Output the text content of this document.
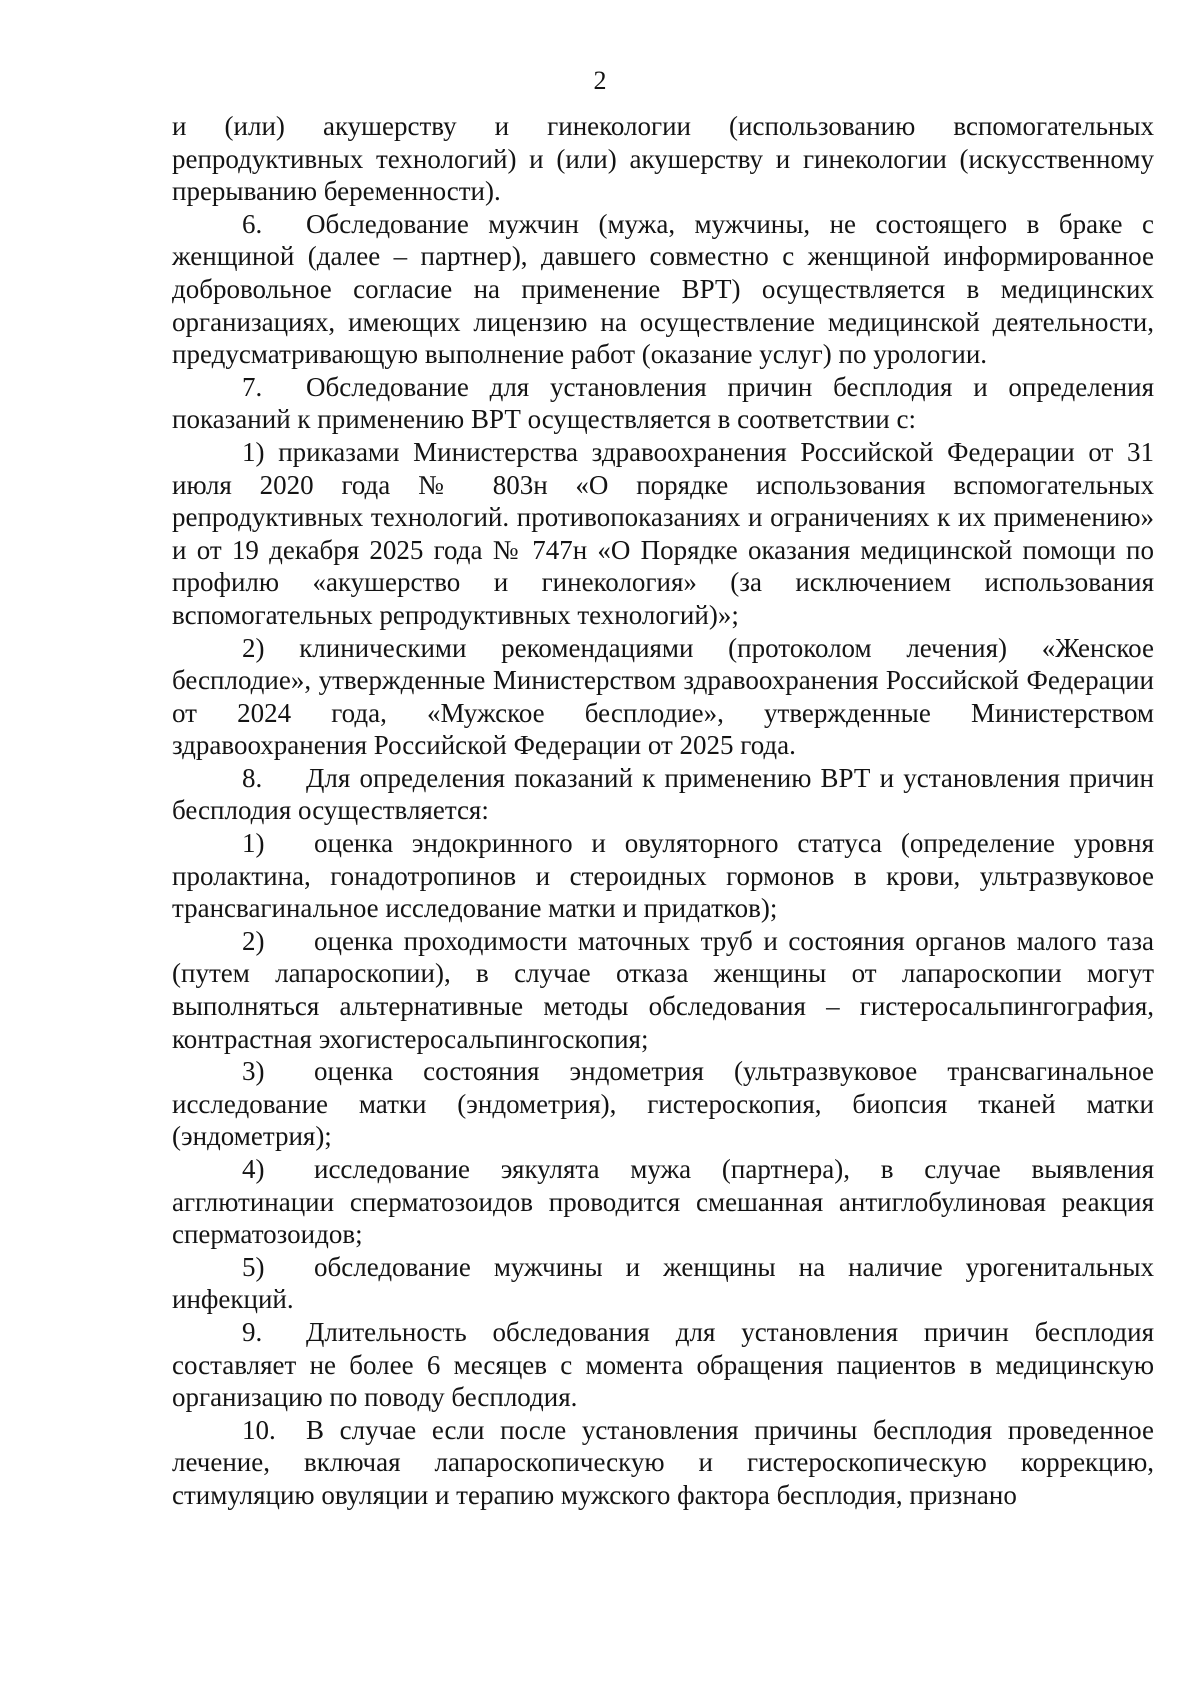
2

и (или) акушерству и гинекологии (использованию вспомогательных репродуктивных технологий) и (или) акушерству и гинекологии (искусственному прерыванию беременности).

6. Обследование мужчин (мужа, мужчины, не состоящего в браке с женщиной (далее – партнер), давшего совместно с женщиной информированное добровольное согласие на применение ВРТ) осуществляется в медицинских организациях, имеющих лицензию на осуществление медицинской деятельности, предусматривающую выполнение работ (оказание услуг) по урологии.

7. Обследование для установления причин бесплодия и определения показаний к применению ВРТ осуществляется в соответствии с:

1) приказами Министерства здравоохранения Российской Федерации от 31 июля 2020 года № 803н «О порядке использования вспомогательных репродуктивных технологий. противопоказаниях и ограничениях к их применению» и от 19 декабря 2025 года № 747н «О Порядке оказания медицинской помощи по профилю «акушерство и гинекология» (за исключением использования вспомогательных репродуктивных технологий)»;

2) клиническими рекомендациями (протоколом лечения) «Женское бесплодие», утвержденные Министерством здравоохранения Российской Федерации от 2024 года, «Мужское бесплодие», утвержденные Министерством здравоохранения Российской Федерации от 2025 года.

8. Для определения показаний к применению ВРТ и установления причин бесплодия осуществляется:

1) оценка эндокринного и овуляторного статуса (определение уровня пролактина, гонадотропинов и стероидных гормонов в крови, ультразвуковое трансвагинальное исследование матки и придатков);

2) оценка проходимости маточных труб и состояния органов малого таза (путем лапароскопии), в случае отказа женщины от лапароскопии могут выполняться альтернативные методы обследования – гистеросальпингография, контрастная эхогистеросальпингоскопия;

3) оценка состояния эндометрия (ультразвуковое трансвагинальное исследование матки (эндометрия), гистероскопия, биопсия тканей матки (эндометрия);

4) исследование эякулята мужа (партнера), в случае выявления агглютинации сперматозоидов проводится смешанная антиглобулиновая реакция сперматозоидов;

5) обследование мужчины и женщины на наличие урогенитальных инфекций.

9. Длительность обследования для установления причин бесплодия составляет не более 6 месяцев с момента обращения пациентов в медицинскую организацию по поводу бесплодия.

10. В случае если после установления причины бесплодия проведенное лечение, включая лапароскопическую и гистероскопическую коррекцию, стимуляцию овуляции и терапию мужского фактора бесплодия, признано
